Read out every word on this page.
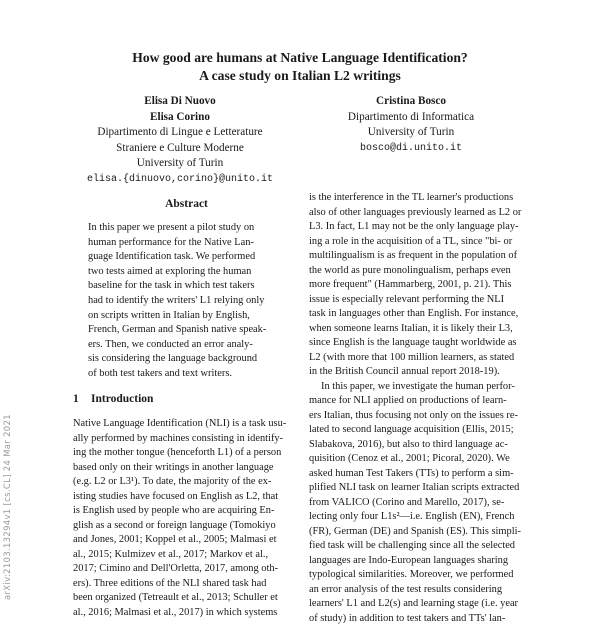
How good are humans at Native Language Identification?
A case study on Italian L2 writings
Elisa Di Nuovo
Elisa Corino
Dipartimento di Lingue e Letterature
Straniere e Culture Moderne
University of Turin
elisa.{dinuovo,corino}@unito.it
Cristina Bosco
Dipartimento di Informatica
University of Turin
bosco@di.unito.it
Abstract
In this paper we present a pilot study on
human performance for the Native Lan-
guage Identification task. We performed
two tests aimed at exploring the human
baseline for the task in which test takers
had to identify the writers' L1 relying only
on scripts written in Italian by English,
French, German and Spanish native speak-
ers. Then, we conducted an error analy-
sis considering the language background
of both test takers and text writers.
1 Introduction
Native Language Identification (NLI) is a task usu-
ally performed by machines consisting in identify-
ing the mother tongue (henceforth L1) of a person
based only on their writings in another language
(e.g. L2 or L3¹). To date, the majority of the ex-
isting studies have focused on English as L2, that
is English used by people who are acquiring En-
glish as a second or foreign language (Tomokiyo
and Jones, 2001; Koppel et al., 2005; Malmasi et
al., 2015; Kulmizev et al., 2017; Markov et al.,
2017; Cimino and Dell'Orletta, 2017, among oth-
ers). Three editions of the NLI shared task had
been organized (Tetreault et al., 2013; Schuller et
al., 2016; Malmasi et al., 2017) in which systems
is the interference in the TL learner's productions
also of other languages previously learned as L2 or
L3. In fact, L1 may not be the only language play-
ing a role in the acquisition of a TL, since "bi- or
multilingualism is as frequent in the population of
the world as pure monolingualism, perhaps even
more frequent" (Hammarberg, 2001, p. 21). This
issue is especially relevant performing the NLI
task in languages other than English. For instance,
when someone learns Italian, it is likely their L3,
since English is the language taught worldwide as
L2 (with more that 100 million learners, as stated
in the British Council annual report 2018-19).
In this paper, we investigate the human perfor-
mance for NLI applied on productions of learn-
ers Italian, thus focusing not only on the issues re-
lated to second language acquisition (Ellis, 2015;
Slabakova, 2016), but also to third language ac-
quisition (Cenoz et al., 2001; Picoral, 2020). We
asked human Test Takers (TTs) to perform a sim-
plified NLI task on learner Italian scripts extracted
from VALICO (Corino and Marello, 2017), se-
lecting only four L1s²—i.e. English (EN), French
(FR), German (DE) and Spanish (ES). This simpli-
fied task will be challenging since all the selected
languages are Indo-European languages sharing
typological similarities. Moreover, we performed
an error analysis of the test results considering
learners' L1 and L2(s) and learning stage (i.e. year
of study) in addition to test takers and TTs' lan-
arXiv:2103.13294v1 [cs.CL] 24 Mar 2021
